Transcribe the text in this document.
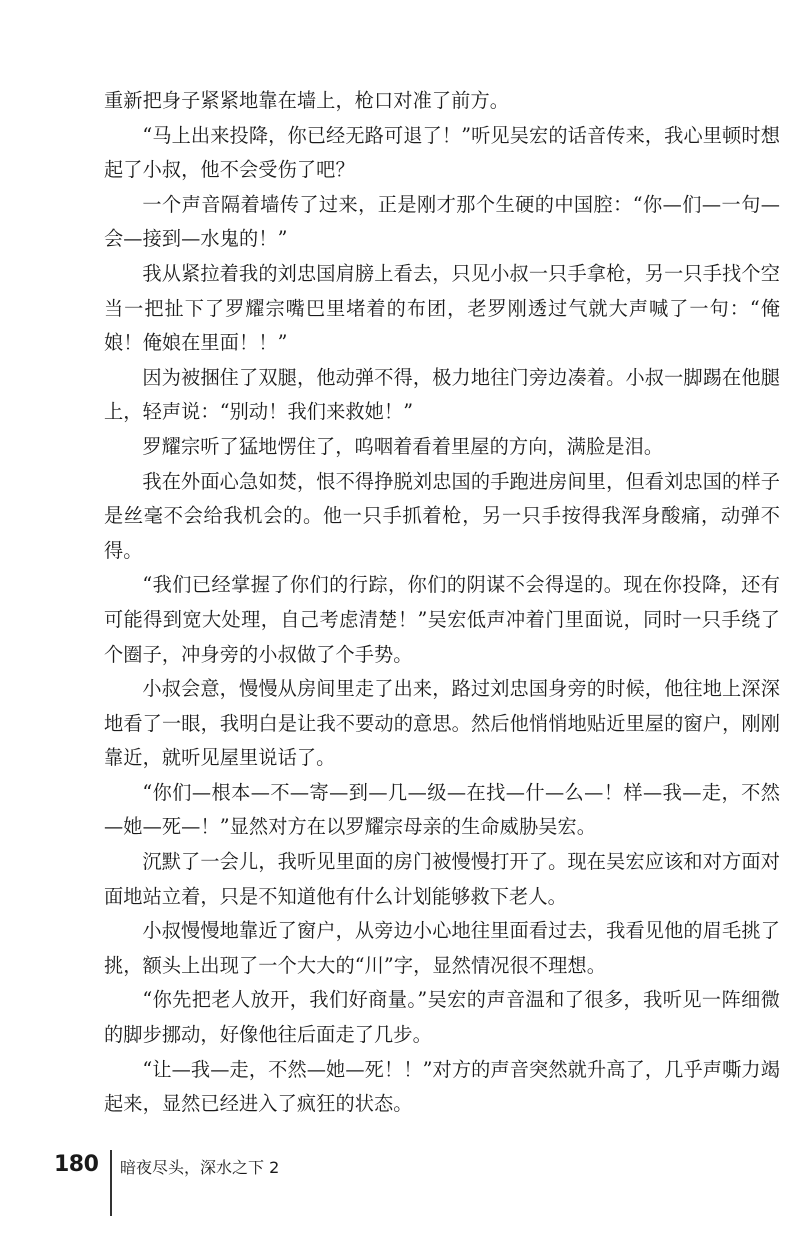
重新把身子紧紧地靠在墙上，枪口对准了前方。

“马上出来投降，你已经无路可退了！”听见吴宏的话音传来，我心里顿时想起了小叔，他不会受伤了吧？

一个声音隔着墙传了过来，正是刚才那个生硬的中国腔：“你—们—一句—会—接到—水鬼的！”

我从紧拉着我的刘忠国肩膀上看去，只见小叔一只手拿枪，另一只手找个空当一把扯下了罗耀宗嘴巴里堵着的布团，老罗刚透过气就大声喊了一句：“俺娘！俺娘在里面！！”

因为被捆住了双腿，他动弹不得，极力地往门旁边凑着。小叔一脚踢在他腿上，轻声说：“别动！我们来救她！”

罗耀宗听了猛地愣住了，呜咽着看着里屋的方向，满脸是泪。

我在外面心急如焚，恨不得挣脱刘忠国的手跑进房间里，但看刘忠国的样子是丝毫不会给我机会的。他一只手抓着枪，另一只手按得我浑身酸痛，动弹不得。

“我们已经掌握了你们的行踪，你们的阴谋不会得逞的。现在你投降，还有可能得到宽大处理，自己考虑清楚！”吴宏低声冲着门里面说，同时一只手绕了个圈子，冲身旁的小叔做了个手势。

小叔会意，慢慢从房间里走了出来，路过刘忠国身旁的时候，他往地上深深地看了一眼，我明白是让我不要动的意思。然后他悄悄地贴近里屋的窗户，刚刚靠近，就听见屋里说话了。

“你们—根本—不—寄—到—几—级—在找—什—么—！样—我—走，不然—她—死—！”显然对方在以罗耀宗母亲的生命威胁吴宏。

沉默了一会儿，我听见里面的房门被慢慢打开了。现在吴宏应该和对方面对面地站立着，只是不知道他有什么计划能够救下老人。

小叔慢慢地靠近了窗户，从旁边小心地往里面看过去，我看见他的眉毛挑了挑，额头上出现了一个大大的“川”字，显然情况很不理想。

“你先把老人放开，我们好商量。”吴宏的声音温和了很多，我听见一阵细微的脚步挪动，好像他往后面走了几步。

“让—我—走，不然—她—死！！”对方的声音突然就升高了，几乎声嘶力竭起来，显然已经进入了疯狂的状态。

180 暗夜尽头，深水之下 2
